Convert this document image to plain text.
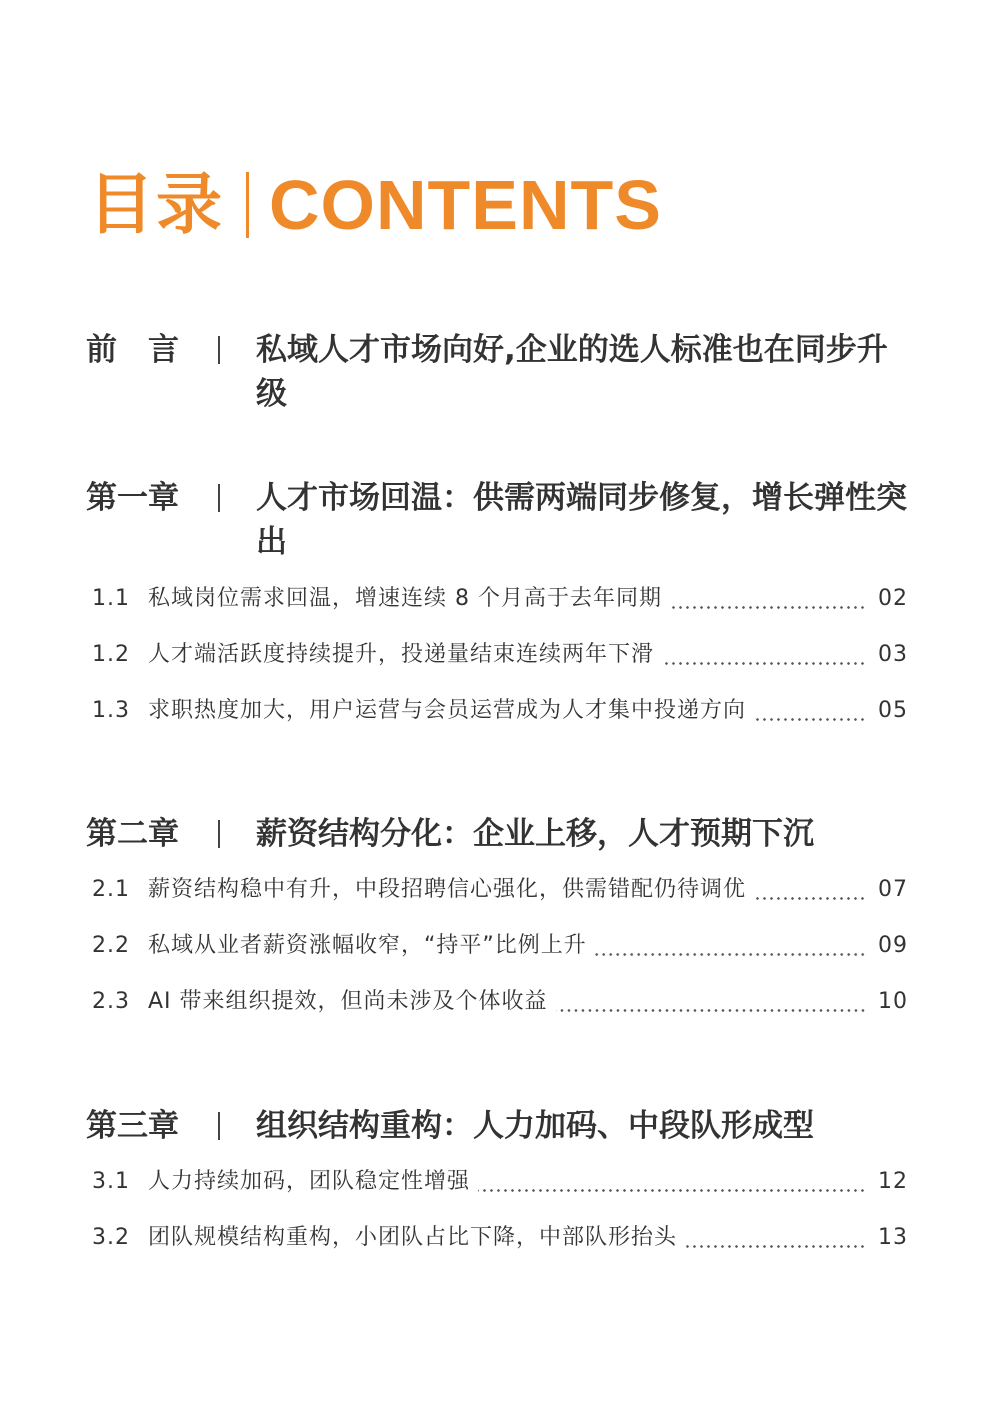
目录 CONTENTS
前　言 私域人才市场向好,企业的选人标准也在同步升级
第一章 人才市场回温：供需两端同步修复，增长弹性突出
1.1 私域岗位需求回温，增速连续 8 个月高于去年同期	02
1.2 人才端活跃度持续提升，投递量结束连续两年下滑	03
1.3 求职热度加大，用户运营与会员运营成为人才集中投递方向	05
第二章 薪资结构分化：企业上移，人才预期下沉
2.1 薪资结构稳中有升，中段招聘信心强化，供需错配仍待调优	07
2.2 私域从业者薪资涨幅收窄，“持平”比例上升	09
2.3 AI 带来组织提效，但尚未涉及个体收益	10
第三章 组织结构重构：人力加码、中段队形成型
3.1 人力持续加码，团队稳定性增强	12
3.2 团队规模结构重构，小团队占比下降，中部队形抬头	13
